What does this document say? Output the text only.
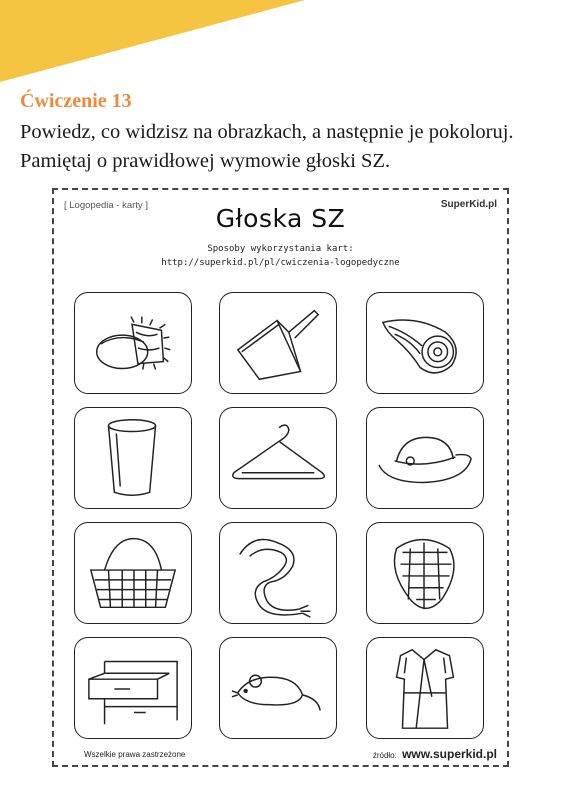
Ćwiczenie 13

Powiedz, co widzisz na obrazkach, a następnie je pokoloruj. Pamiętaj o prawidłowej wymowie głoski SZ.

[ Logopedia - karty ]	SuperKid.pl
Głoska SZ
Sposoby wykorzystania kart:
http://superkid.pl/pl/cwiczenia-logopedyczne
Wszelkie prawa zastrzeżone	źródło: www.superkid.pl
